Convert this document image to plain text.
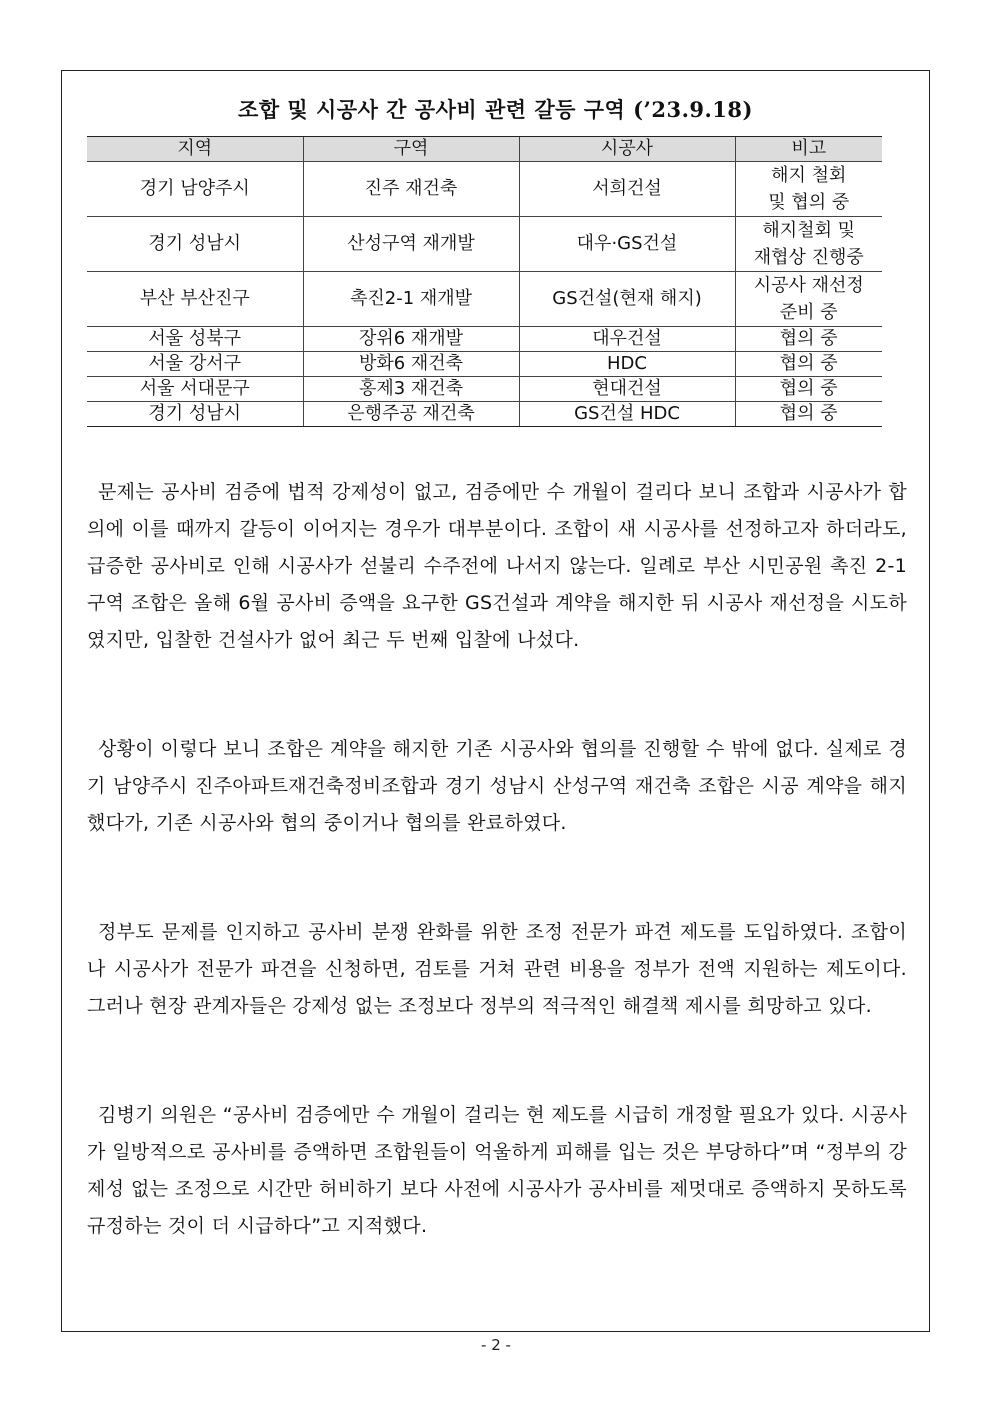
조합 및 시공사 간 공사비 관련 갈등 구역 (’23.9.18)
지역	구역	시공사	비고
경기 남양주시	진주 재건축	서희건설	해지 철회
및 협의 중
경기 성남시	산성구역 재개발	대우·GS건설	해지철회 및
재협상 진행중
부산 부산진구	촉진2-1 재개발	GS건설(현재 해지)	시공사 재선정
준비 중
서울 성북구	장위6 재개발	대우건설	협의 중
서울 강서구	방화6 재건축	HDC	협의 중
서울 서대문구	홍제3 재건축	현대건설	협의 중
경기 성남시	은행주공 재건축	GS건설 HDC	협의 중

문제는 공사비 검증에 법적 강제성이 없고, 검증에만 수 개월이 걸리다 보니 조합과 시공사가 합의에 이를 때까지 갈등이 이어지는 경우가 대부분이다. 조합이 새 시공사를 선정하고자 하더라도, 급증한 공사비로 인해 시공사가 섣불리 수주전에 나서지 않는다. 일례로 부산 시민공원 촉진 2-1구역 조합은 올해 6월 공사비 증액을 요구한 GS건설과 계약을 해지한 뒤 시공사 재선정을 시도하였지만, 입찰한 건설사가 없어 최근 두 번째 입찰에 나섰다.

상황이 이렇다 보니 조합은 계약을 해지한 기존 시공사와 협의를 진행할 수 밖에 없다. 실제로 경기 남양주시 진주아파트재건축정비조합과 경기 성남시 산성구역 재건축 조합은 시공 계약을 해지했다가, 기존 시공사와 협의 중이거나 협의를 완료하였다.

정부도 문제를 인지하고 공사비 분쟁 완화를 위한 조정 전문가 파견 제도를 도입하였다. 조합이나 시공사가 전문가 파견을 신청하면, 검토를 거쳐 관련 비용을 정부가 전액 지원하는 제도이다. 그러나 현장 관계자들은 강제성 없는 조정보다 정부의 적극적인 해결책 제시를 희망하고 있다.

김병기 의원은 “공사비 검증에만 수 개월이 걸리는 현 제도를 시급히 개정할 필요가 있다. 시공사가 일방적으로 공사비를 증액하면 조합원들이 억울하게 피해를 입는 것은 부당하다”며 “정부의 강제성 없는 조정으로 시간만 허비하기 보다 사전에 시공사가 공사비를 제멋대로 증액하지 못하도록 규정하는 것이 더 시급하다”고 지적했다.

- 2 -
